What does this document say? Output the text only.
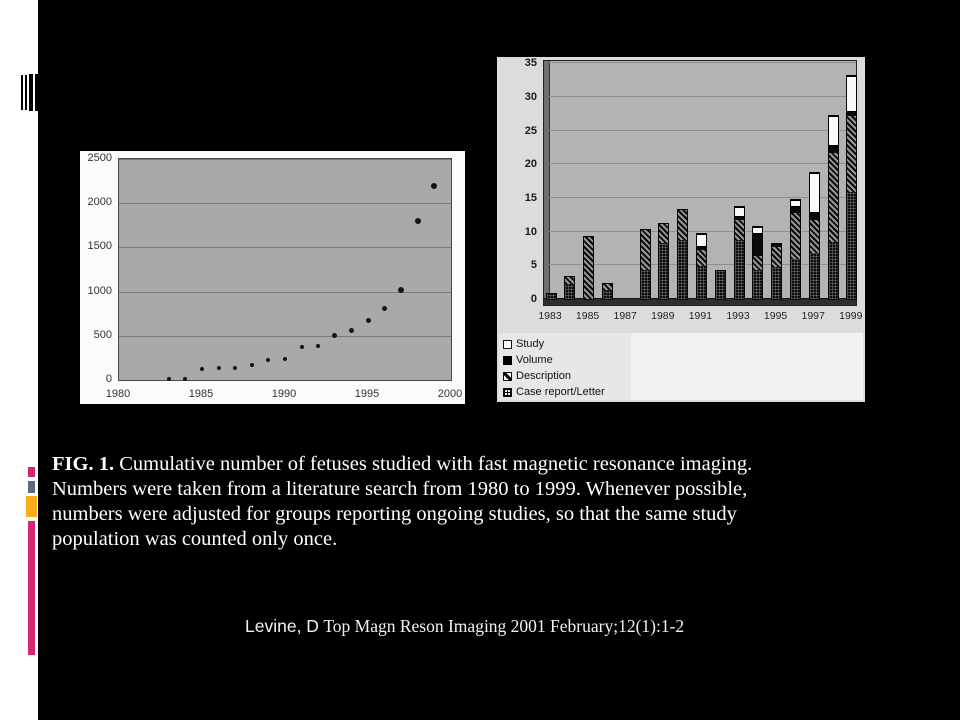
0
500
1000
1500
2000
2500
1980	1985	1990	1995	2000
0
5
10
15
20
25
30
35
1983	1985	1987	1989	1991	1993	1995	1997	1999
Study
Volume
Description
Case report/Letter
FIG. 1. Cumulative number of fetuses studied with fast magnetic resonance imaging.
Numbers were taken from a literature search from 1980 to 1999. Whenever possible,
numbers were adjusted for groups reporting ongoing studies, so that the same study
population was counted only once.
Levine, D Top Magn Reson Imaging 2001 February;12(1):1-2
